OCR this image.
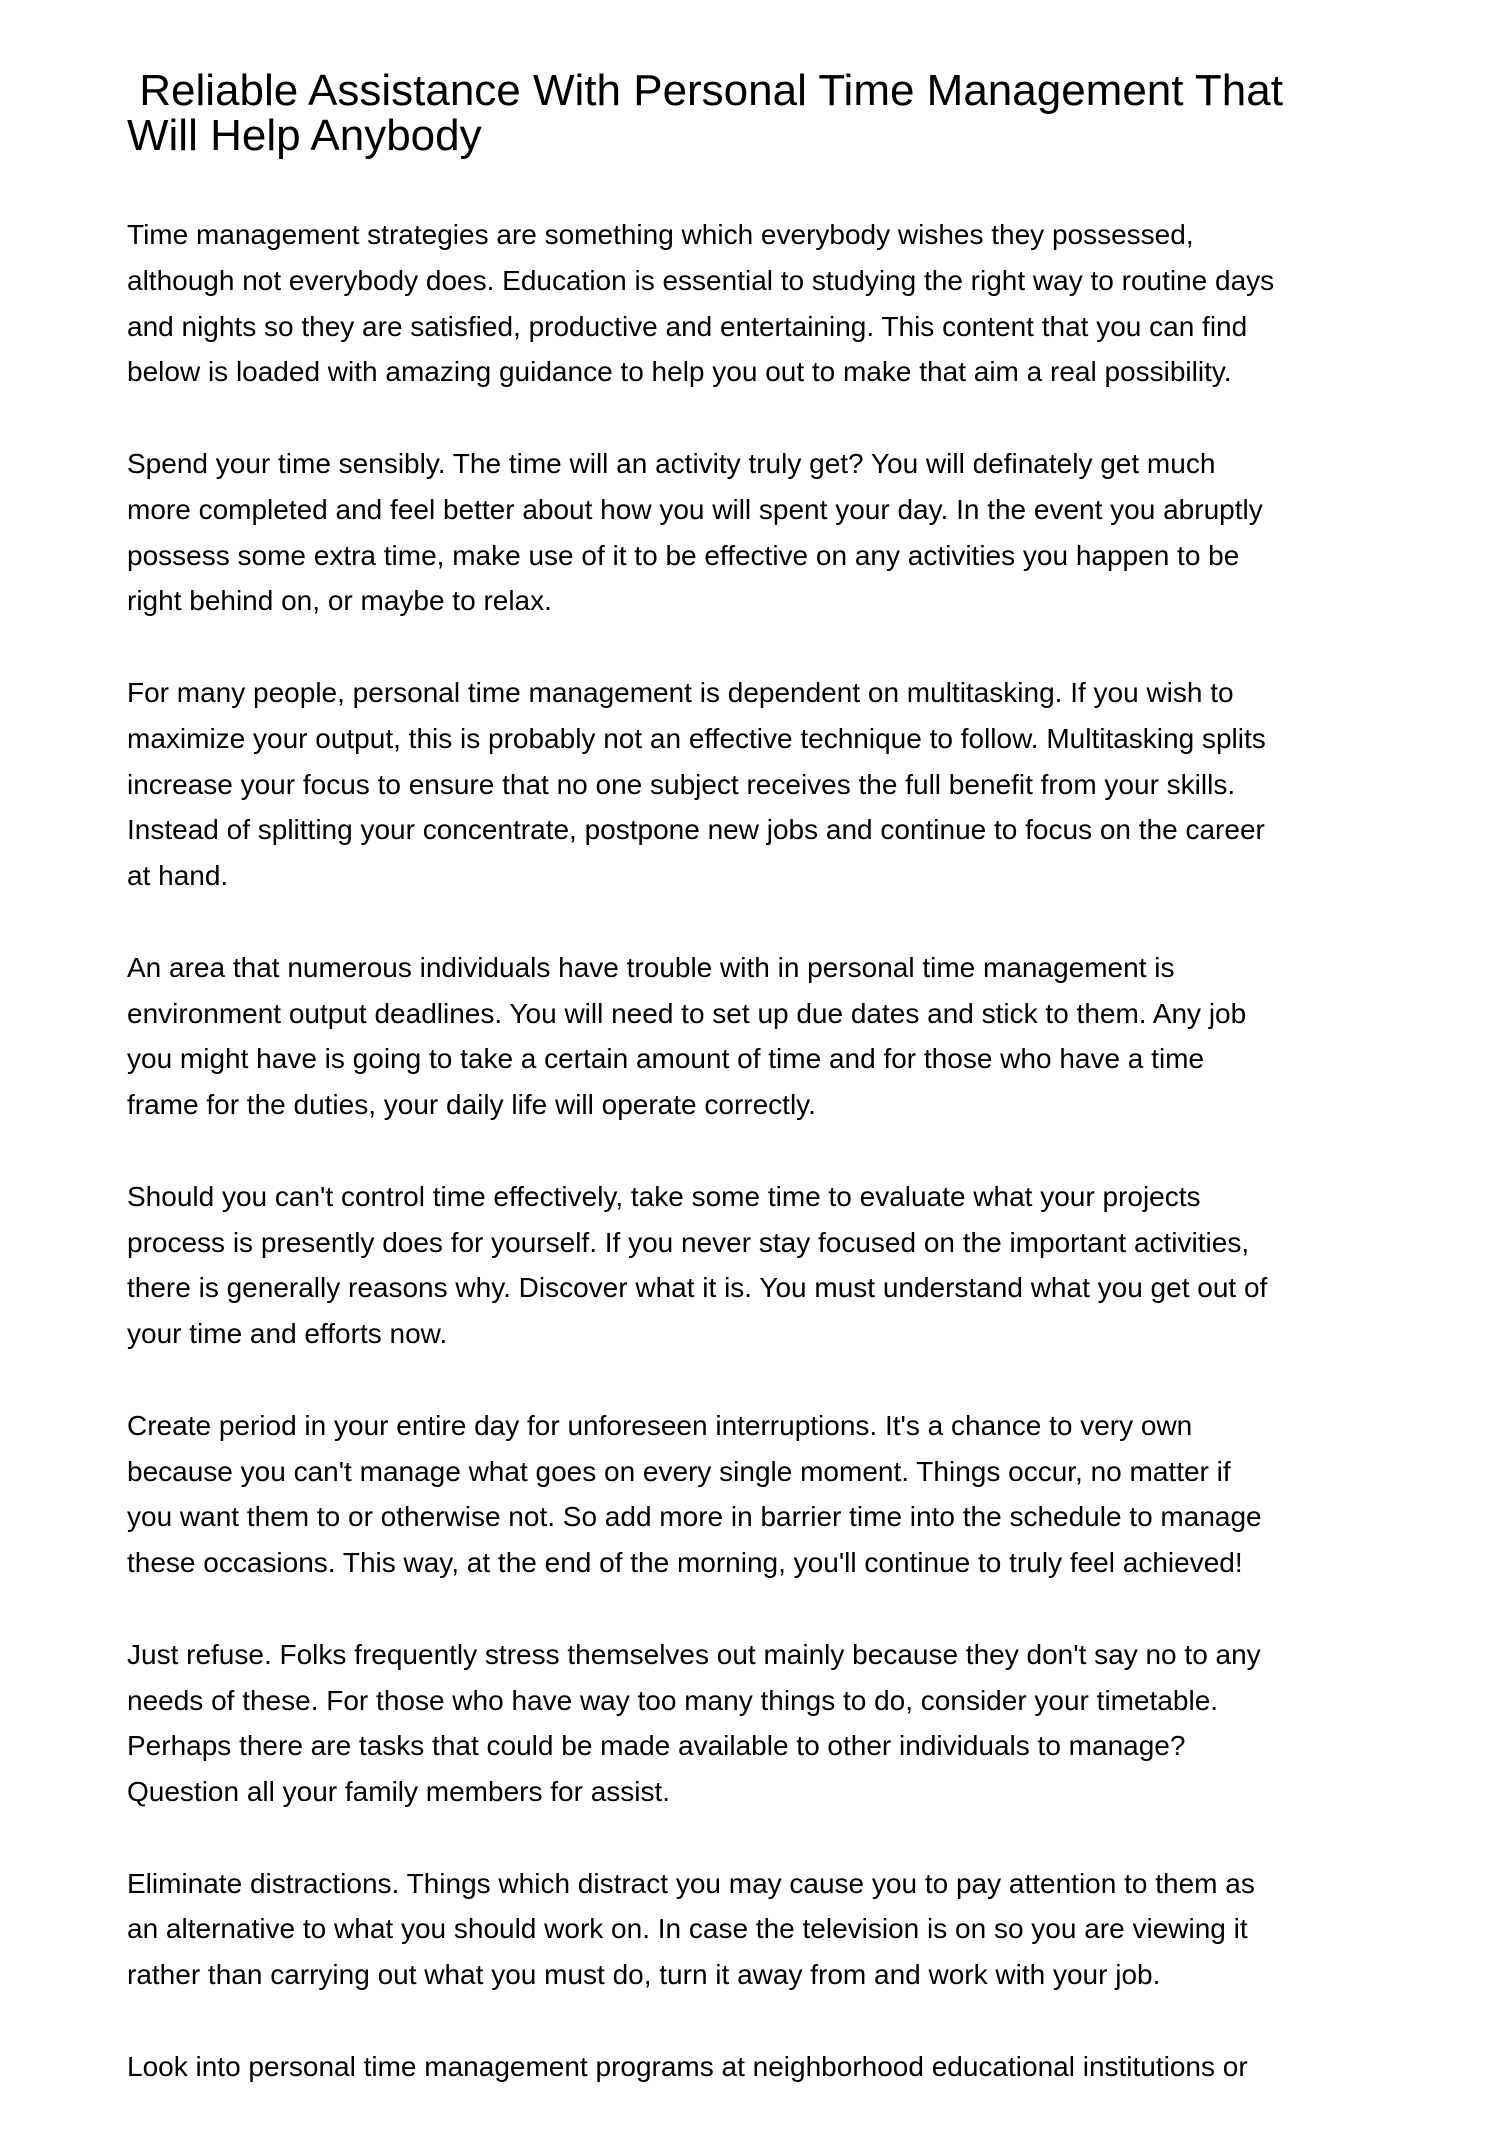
Reliable Assistance With Personal Time Management That
Will Help Anybody

Time management strategies are something which everybody wishes they possessed,
although not everybody does. Education is essential to studying the right way to routine days
and nights so they are satisfied, productive and entertaining. This content that you can find
below is loaded with amazing guidance to help you out to make that aim a real possibility.

Spend your time sensibly. The time will an activity truly get? You will definately get much
more completed and feel better about how you will spent your day. In the event you abruptly
possess some extra time, make use of it to be effective on any activities you happen to be
right behind on, or maybe to relax.

For many people, personal time management is dependent on multitasking. If you wish to
maximize your output, this is probably not an effective technique to follow. Multitasking splits
increase your focus to ensure that no one subject receives the full benefit from your skills.
Instead of splitting your concentrate, postpone new jobs and continue to focus on the career
at hand.

An area that numerous individuals have trouble with in personal time management is
environment output deadlines. You will need to set up due dates and stick to them. Any job
you might have is going to take a certain amount of time and for those who have a time
frame for the duties, your daily life will operate correctly.

Should you can't control time effectively, take some time to evaluate what your projects
process is presently does for yourself. If you never stay focused on the important activities,
there is generally reasons why. Discover what it is. You must understand what you get out of
your time and efforts now.

Create period in your entire day for unforeseen interruptions. It's a chance to very own
because you can't manage what goes on every single moment. Things occur, no matter if
you want them to or otherwise not. So add more in barrier time into the schedule to manage
these occasions. This way, at the end of the morning, you'll continue to truly feel achieved!

Just refuse. Folks frequently stress themselves out mainly because they don't say no to any
needs of these. For those who have way too many things to do, consider your timetable.
Perhaps there are tasks that could be made available to other individuals to manage?
Question all your family members for assist.

Eliminate distractions. Things which distract you may cause you to pay attention to them as
an alternative to what you should work on. In case the television is on so you are viewing it
rather than carrying out what you must do, turn it away from and work with your job.

Look into personal time management programs at neighborhood educational institutions or
